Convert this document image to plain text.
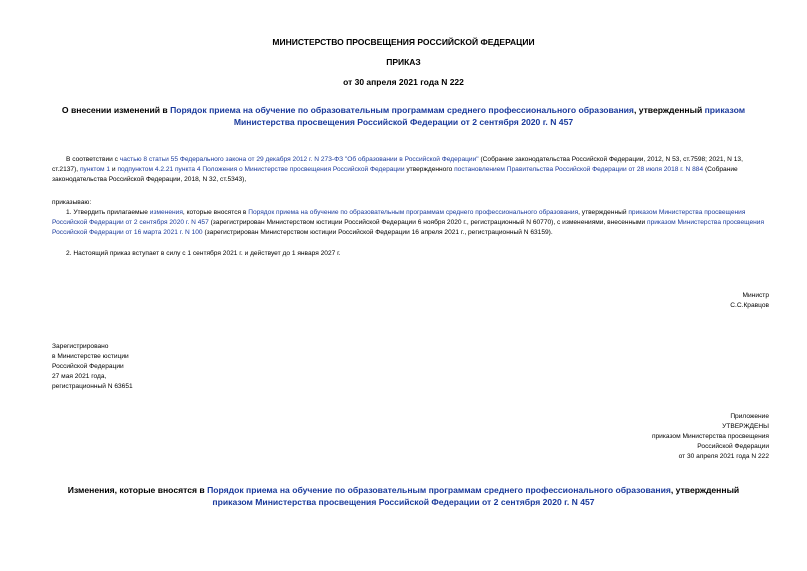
МИНИСТЕРСТВО ПРОСВЕЩЕНИЯ РОССИЙСКОЙ ФЕДЕРАЦИИ
ПРИКАЗ
от 30 апреля 2021 года N 222
О внесении изменений в Порядок приема на обучение по образовательным программам среднего профессионального образования, утвержденный приказом Министерства просвещения Российской Федерации от 2 сентября 2020 г. N 457
В соответствии с частью 8 статьи 55 Федерального закона от 29 декабря 2012 г. N 273-ФЗ "Об образовании в Российской Федерации" (Собрание законодательства Российской Федерации, 2012, N 53, ст.7598; 2021, N 13, ст.2137), пунктом 1 и подпунктом 4.2.21 пункта 4 Положения о Министерстве просвещения Российской Федерации утвержденного постановлением Правительства Российской Федерации от 28 июля 2018 г. N 884 (Собрание законодательства Российской Федерации, 2018, N 32, ст.5343),
приказываю:
1. Утвердить прилагаемые изменения, которые вносятся в Порядок приема на обучение по образовательным программам среднего профессионального образования, утвержденный приказом Министерства просвещения Российской Федерации от 2 сентября 2020 г. N 457 (зарегистрирован Министерством юстиции Российской Федерации 6 ноября 2020 г., регистрационный N 60770), с изменениями, внесенными приказом Министерства просвещения Российской Федерации от 16 марта 2021 г. N 100 (зарегистрирован Министерством юстиции Российской Федерации 16 апреля 2021 г., регистрационный N 63159).
2. Настоящий приказ вступает в силу с 1 сентября 2021 г. и действует до 1 января 2027 г.
Министр
С.С.Кравцов
Зарегистрировано
в Министерстве юстиции
Российской Федерации
27 мая 2021 года,
регистрационный N 63651
Приложение
УТВЕРЖДЕНЫ
приказом Министерства просвещения
Российской Федерации
от 30 апреля 2021 года N 222
Изменения, которые вносятся в Порядок приема на обучение по образовательным программам среднего профессионального образования, утвержденный приказом Министерства просвещения Российской Федерации от 2 сентября 2020 г. N 457
